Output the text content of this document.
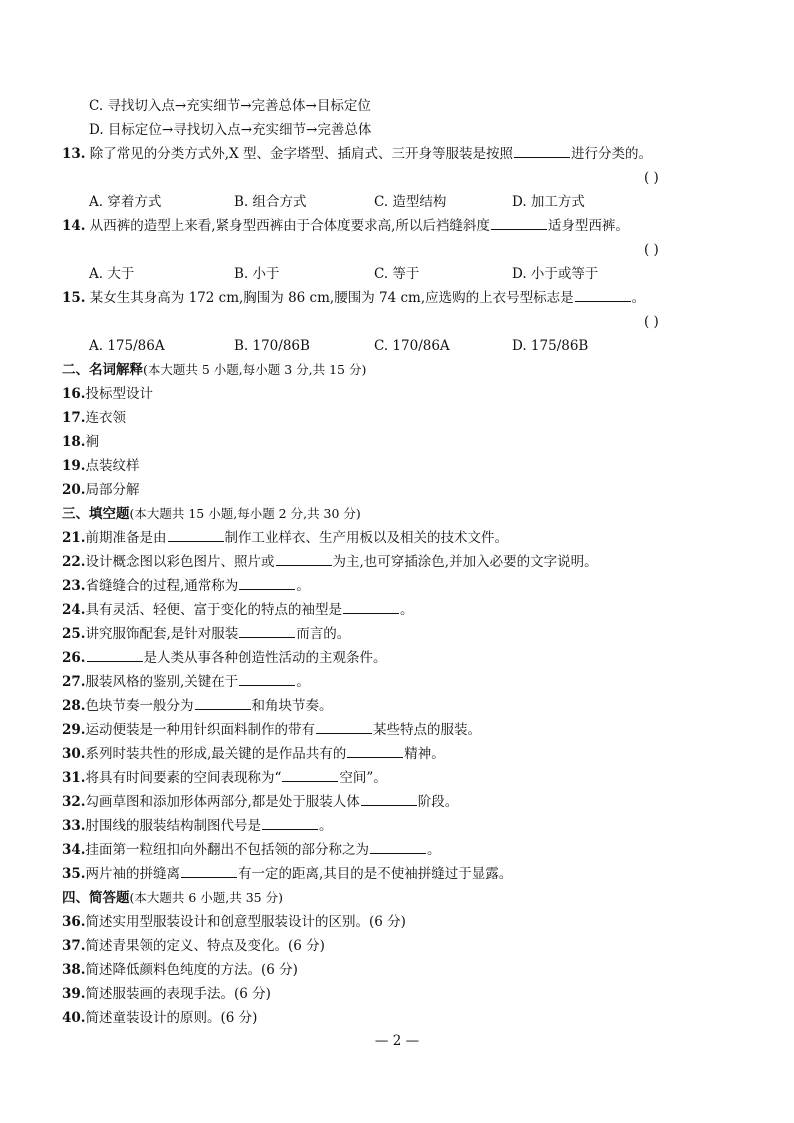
C. 寻找切入点→充实细节→完善总体→目标定位
D. 目标定位→寻找切入点→充实细节→完善总体
13. 除了常见的分类方式外,X 型、金字塔型、插肩式、三开身等服装是按照	进行分类的。
( )
A. 穿着方式	B. 组合方式	C. 造型结构	D. 加工方式
14. 从西裤的造型上来看,紧身型西裤由于合体度要求高,所以后裆缝斜度	适身型西裤。
( )
A. 大于	B. 小于	C. 等于	D. 小于或等于
15. 某女生其身高为 172 cm,胸围为 86 cm,腰围为 74 cm,应选购的上衣号型标志是	。
( )
A. 175/86A	B. 170/86B	C. 170/86A	D. 175/86B
二、名词解释(本大题共 5 小题,每小题 3 分,共 15 分)
16.投标型设计
17.连衣领
18.裥
19.点装纹样
20.局部分解
三、填空题(本大题共 15 小题,每小题 2 分,共 30 分)
21.前期准备是由	制作工业样衣、生产用板以及相关的技术文件。
22.设计概念图以彩色图片、照片或	为主,也可穿插涂色,并加入必要的文字说明。
23.省缝缝合的过程,通常称为	。
24.具有灵活、轻便、富于变化的特点的袖型是	。
25.讲究服饰配套,是针对服装	而言的。
26.	是人类从事各种创造性活动的主观条件。
27.服装风格的鉴别,关键在于	。
28.色块节奏一般分为	和角块节奏。
29.运动便装是一种用针织面料制作的带有	某些特点的服装。
30.系列时装共性的形成,最关键的是作品共有的	精神。
31.将具有时间要素的空间表现称为“	空间”。
32.勾画草图和添加形体两部分,都是处于服装人体	阶段。
33.肘围线的服装结构制图代号是	。
34.挂面第一粒纽扣向外翻出不包括领的部分称之为	。
35.两片袖的拼缝离	有一定的距离,其目的是不使袖拼缝过于显露。
四、简答题(本大题共 6 小题,共 35 分)
36.简述实用型服装设计和创意型服装设计的区别。(6 分)
37.简述青果领的定义、特点及变化。(6 分)
38.简述降低颜料色纯度的方法。(6 分)
39.简述服装画的表现手法。(6 分)
40.简述童装设计的原则。(6 分)
— 2 —
